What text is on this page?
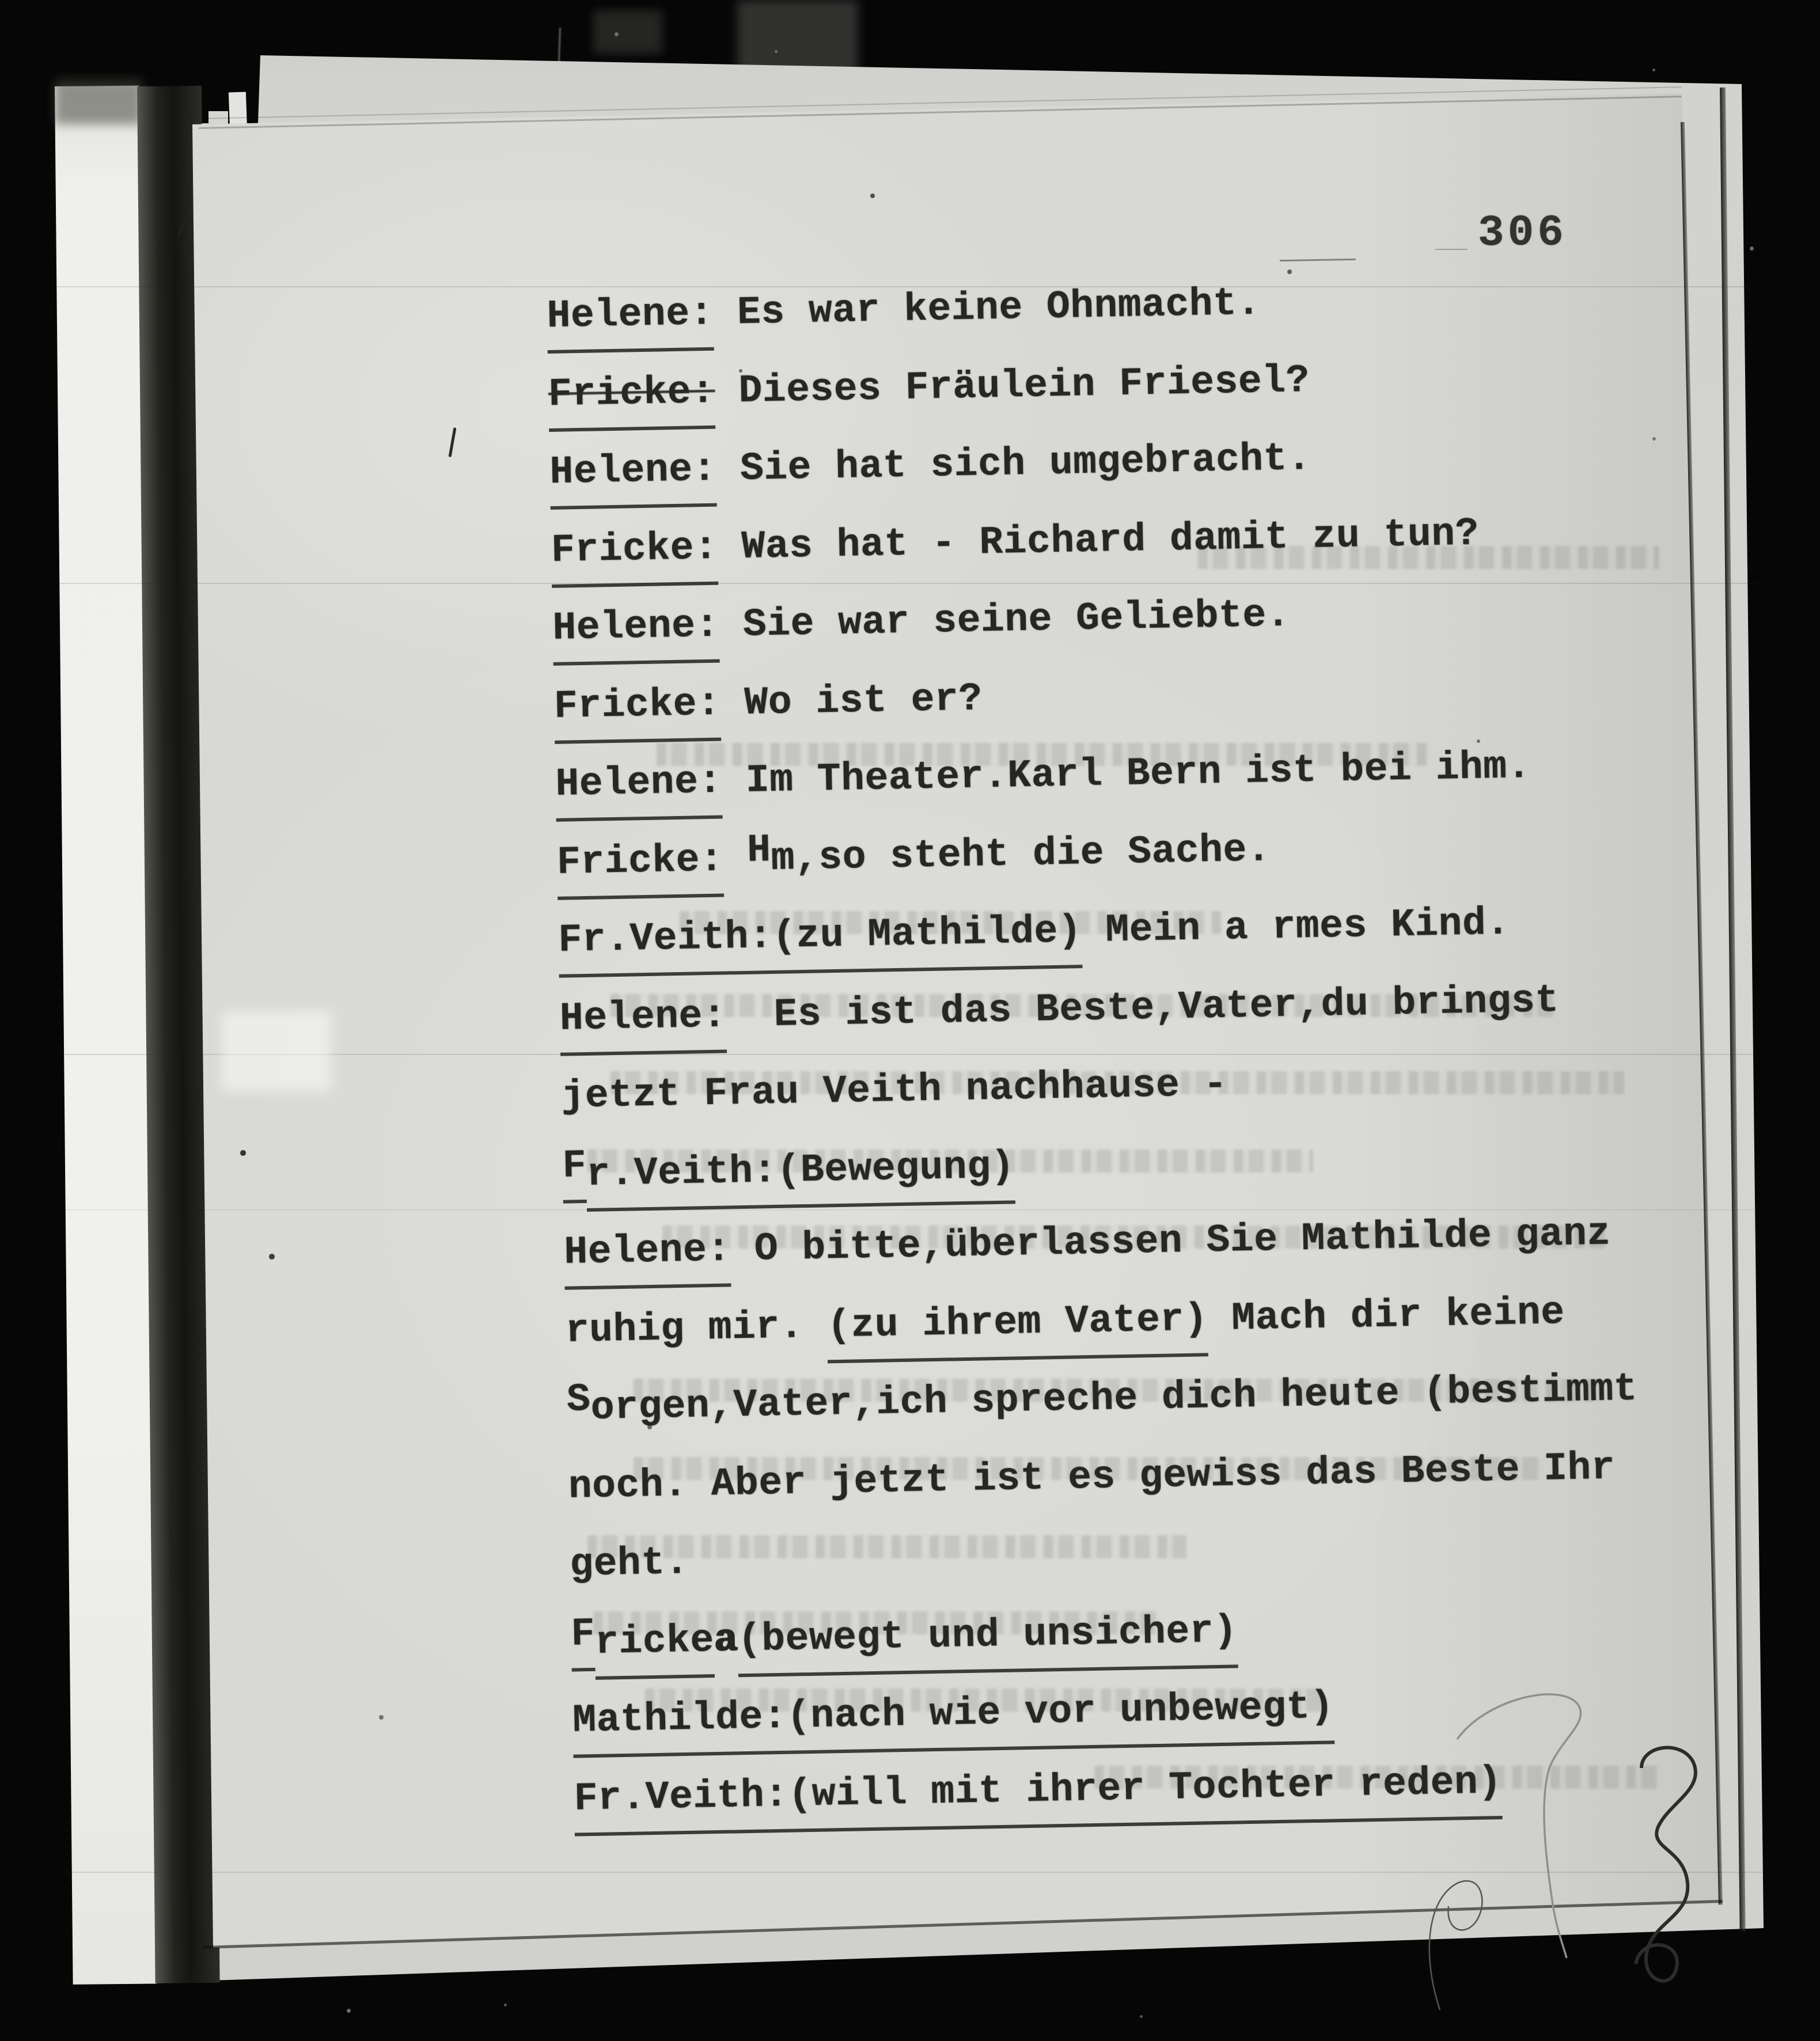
Helene: Es war keine Ohnmacht.
Fricke: Dieses Fräulein Friesel?
Helene: Sie hat sich umgebracht.
Fricke: Was hat - Richard damit zu tun?
Helene: Sie war seine Geliebte.
Fricke: Wo ist er?
Helene: Im Theater.Karl Bern ist bei ihm.
Fricke: Hm,so steht die Sache.
Fr.Veith:(zu Mathilde) Mein a rmes Kind.
Helene:  Es ist das Beste,Vater,du bringst
jetzt Frau Veith nachhause -
Fr.Veith:(Bewegung)
Helene: O bitte,überlassen Sie Mathilde ganz
ruhig mir. (zu ihrem Vater) Mach dir keine
Sorgen,Vater,ich spreche dich heute (bestimmt
noch. Aber jetzt ist es gewiss das Beste Ihr
geht.
Frickea(bewegt und unsicher)
Mathilde:(nach wie vor unbewegt)
Fr.Veith:(will mit ihrer Tochter reden)
306
